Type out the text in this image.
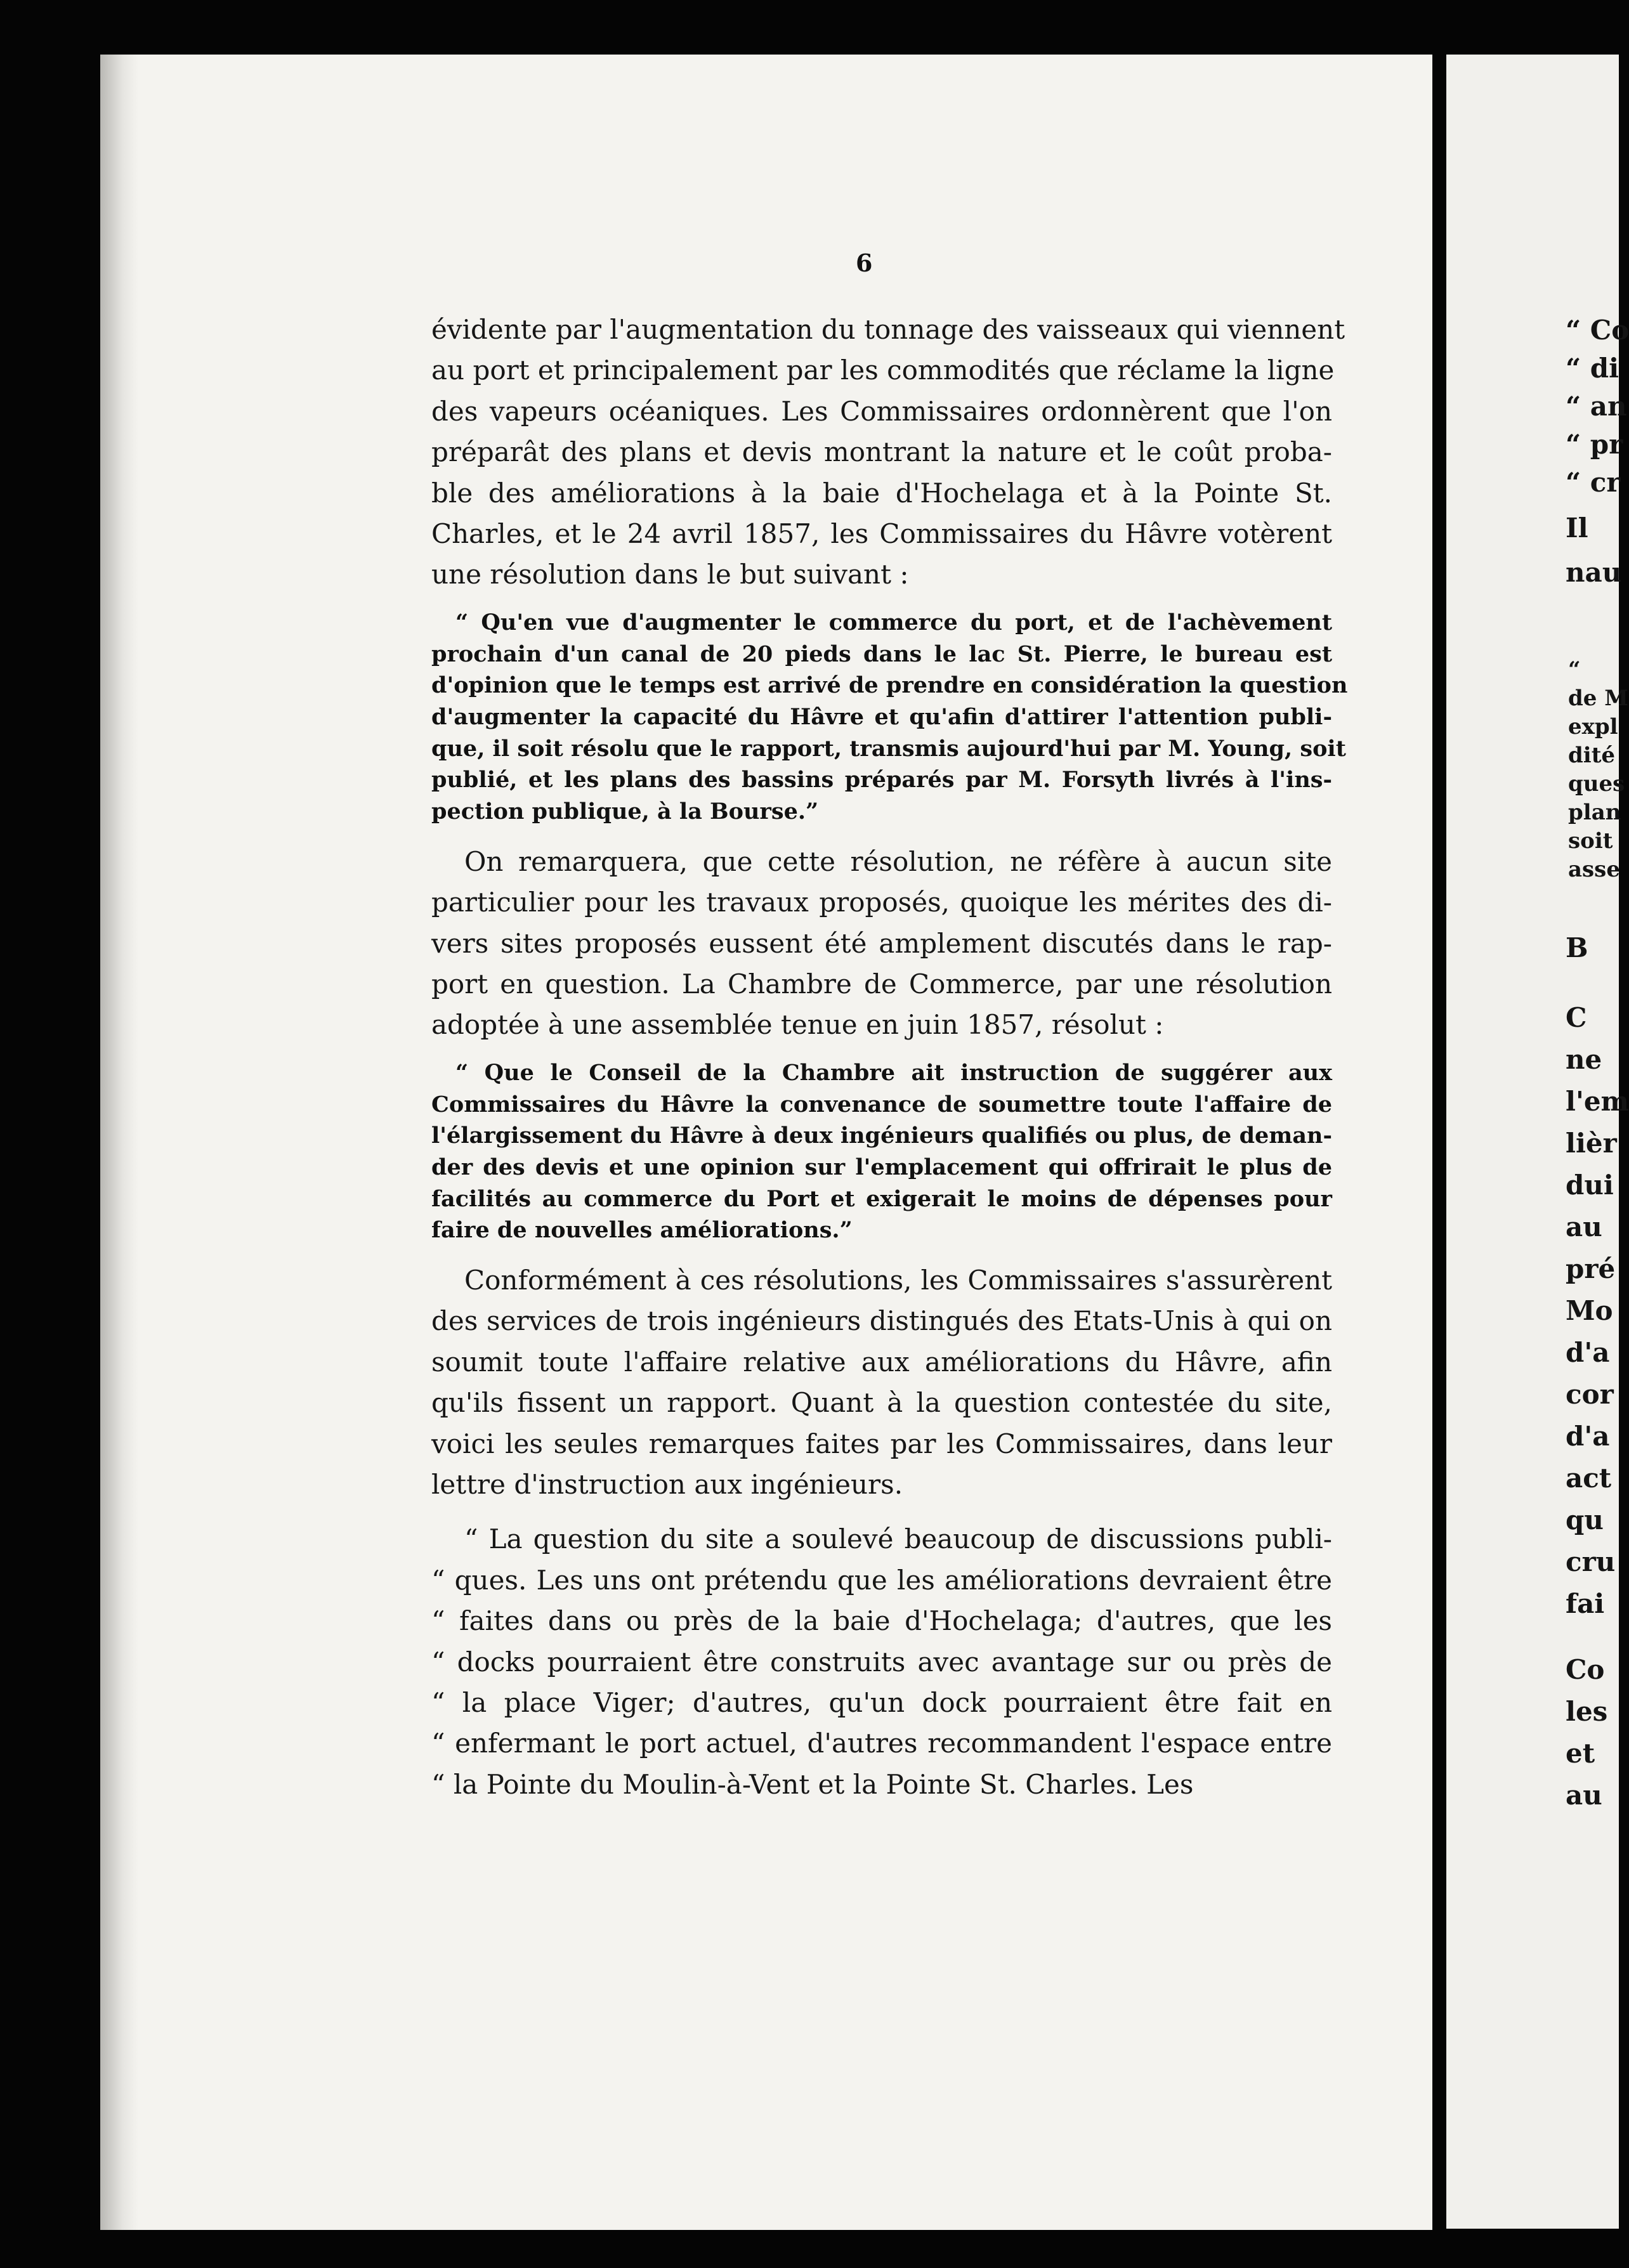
6
évidente par l'augmentation du tonnage des vaisseaux qui viennent
au port et principalement par les commodités que réclame la ligne
des vapeurs océaniques. Les Commissaires ordonnèrent que l'on
préparât des plans et devis montrant la nature et le coût proba-
ble des améliorations à la baie d'Hochelaga et à la Pointe St.
Charles, et le 24 avril 1857, les Commissaires du Hâvre votèrent
une résolution dans le but suivant :
“ Qu'en vue d'augmenter le commerce du port, et de l'achèvement
prochain d'un canal de 20 pieds dans le lac St. Pierre, le bureau est
d'opinion que le temps est arrivé de prendre en considération la question
d'augmenter la capacité du Hâvre et qu'afin d'attirer l'attention publi-
que, il soit résolu que le rapport, transmis aujourd'hui par M. Young, soit
publié, et les plans des bassins préparés par M. Forsyth livrés à l'ins-
pection publique, à la Bourse.”
On remarquera, que cette résolution, ne réfère à aucun site
particulier pour les travaux proposés, quoique les mérites des di-
vers sites proposés eussent été amplement discutés dans le rap-
port en question. La Chambre de Commerce, par une résolution
adoptée à une assemblée tenue en juin 1857, résolut :
“ Que le Conseil de la Chambre ait instruction de suggérer aux
Commissaires du Hâvre la convenance de soumettre toute l'affaire de
l'élargissement du Hâvre à deux ingénieurs qualifiés ou plus, de deman-
der des devis et une opinion sur l'emplacement qui offrirait le plus de
facilités au commerce du Port et exigerait le moins de dépenses pour
faire de nouvelles améliorations.”
Conformément à ces résolutions, les Commissaires s'assurèrent
des services de trois ingénieurs distingués des Etats-Unis à qui on
soumit toute l'affaire relative aux améliorations du Hâvre, afin
qu'ils fissent un rapport. Quant à la question contestée du site,
voici les seules remarques faites par les Commissaires, dans leur
lettre d'instruction aux ingénieurs.
“ La question du site a soulevé beaucoup de discussions publi-
“ ques. Les uns ont prétendu que les améliorations devraient être
“ faites dans ou près de la baie d'Hochelaga; d'autres, que les
“ docks pourraient être construits avec avantage sur ou près de
“ la place Viger; d'autres, qu'un dock pourraient être fait en
“ enfermant le port actuel, d'autres recommandent l'espace entre
“ la Pointe du Moulin-à-Vent et la Pointe St. Charles. Les
“ Co
“ di
“ an
“ pr
“ cr
Il
nau
“
de M
expl
dité
ques
plan
soit
asse
B
C
ne
l'em
lièr
dui
au
pré
Mo
d'a
cor
d'a
act
qu
cru
fai
Co
les
et
au
